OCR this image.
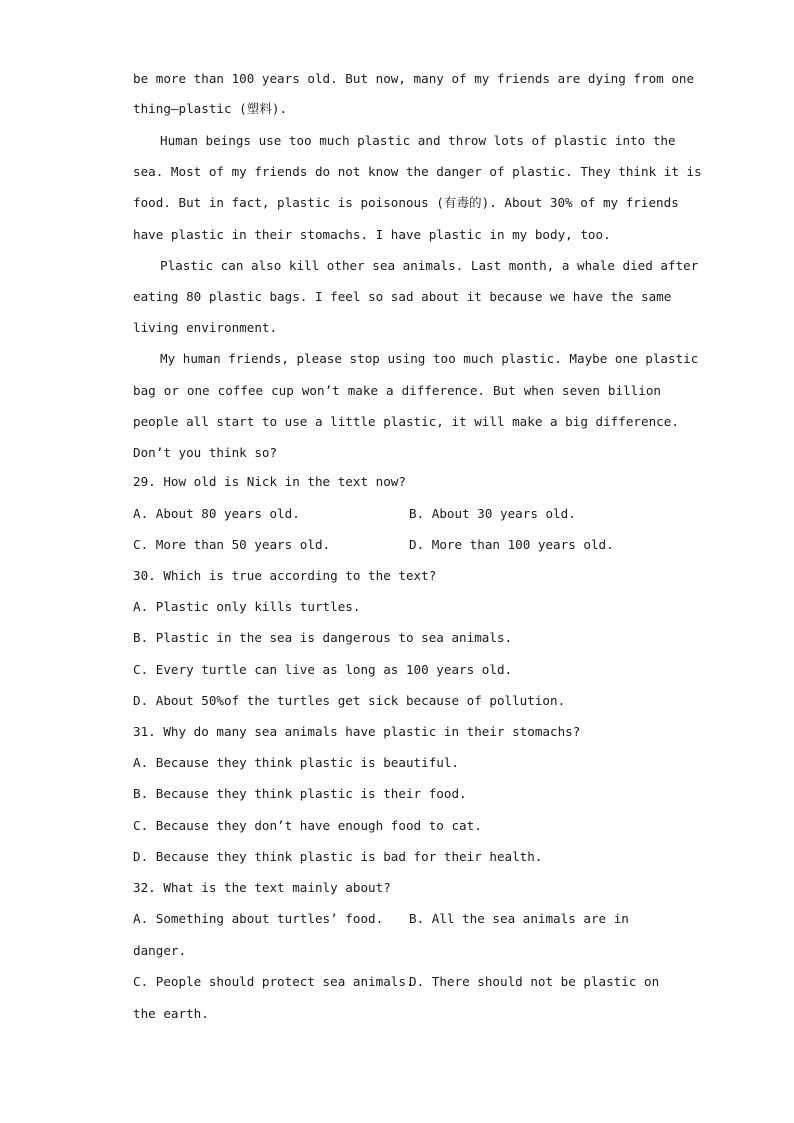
be more than 100 years old. But now, many of my friends are dying from one
thing—plastic (塑料).
Human beings use too much plastic and throw lots of plastic into the
sea. Most of my friends do not know the danger of plastic. They think it is
food. But in fact, plastic is poisonous (有毒的). About 30% of my friends
have plastic in their stomachs. I have plastic in my body, too.
Plastic can also kill other sea animals. Last month, a whale died after
eating 80 plastic bags. I feel so sad about it because we have the same
living environment.
My human friends, please stop using too much plastic. Maybe one plastic
bag or one coffee cup won’t make a difference. But when seven billion
people all start to use a little plastic, it will make a big difference.
Don’t you think so?
29. How old is Nick in the text now?
A. About 80 years old.	B. About 30 years old.
C. More than 50 years old.	D. More than 100 years old.
30. Which is true according to the text?
A. Plastic only kills turtles.
B. Plastic in the sea is dangerous to sea animals.
C. Every turtle can live as long as 100 years old.
D. About 50%of the turtles get sick because of pollution.
31. Why do many sea animals have plastic in their stomachs?
A. Because they think plastic is beautiful.
B. Because they think plastic is their food.
C. Because they don’t have enough food to cat.
D. Because they think plastic is bad for their health.
32. What is the text mainly about?
A. Something about turtles’ food.	B. All the sea animals are in
danger.
C. People should protect sea animals.
D. There should not be plastic on
the earth.
